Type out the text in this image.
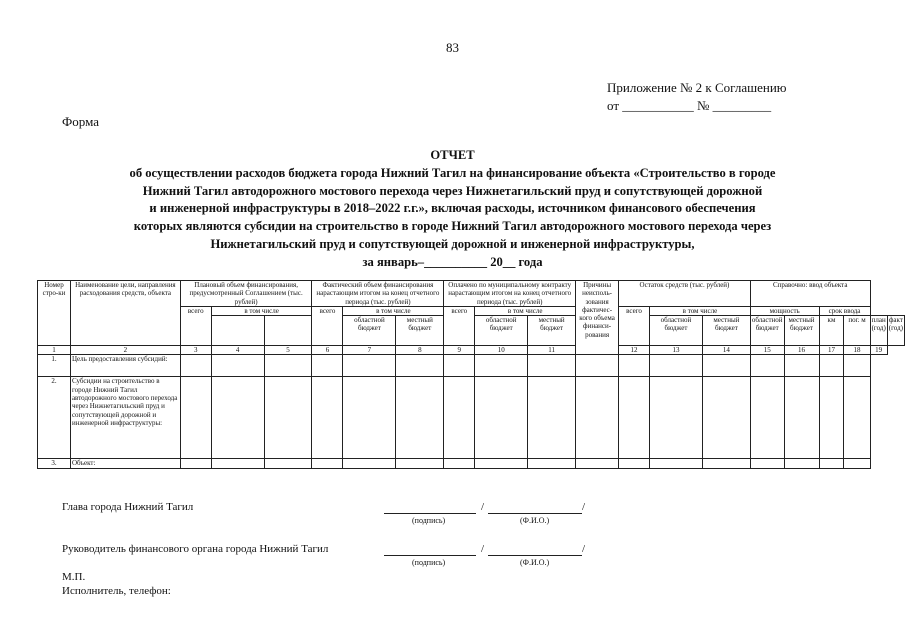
83
Приложение № 2 к Соглашению
от ___________ № _________
Форма
ОТЧЕТ
об осуществлении расходов бюджета города Нижний Тагил на финансирование объекта «Строительство в городе
Нижний Тагил автодорожного мостового перехода через Нижнетагильский пруд и сопутствующей дорожной
и инженерной инфраструктуры в 2018–2022 г.г.», включая расходы, источником финансового обеспечения
которых являются субсидии на строительство в городе Нижний Тагил автодорожного мостового перехода через
Нижнетагильский пруд и сопутствующей дорожной и инженерной инфраструктуры,
за январь–__________ 20__ года
Номер стро-ки	Наименование цели, направления расходования средств, объекта	Плановый объем финансирования, предусмотренный Соглашением (тыс. рублей)			Фактический объем финансирования нарастающим итогом на конец отчетного периода (тыс. рублей)			Оплачено по муниципальному контракту нарастающим итогом на конец отчетного периода (тыс. рублей)			Причины неисполь-зования фактичес-кого объема финанси-рования	Остаток средств (тыс. рублей)			Справочно: ввод объекта					
		всего	в том числе		всего	в том числе		всего	в том числе			всего	в том числе		мощность		срок ввода			
						областной бюджет	местный бюджет		областной бюджет	местный бюджет			областной бюджет	местный бюджет	областной бюджет	местный бюджет	км	пог. м	план (год)	факт (год)
1	2	3	4	5	6	7	8	9	10	11		12	13	14	15	16	17	18	19	
1.	Цель предоставления субсидий:																			
2.	Субсидии на строительство в городе Нижний Тагил автодорожного мостового перехода через Нижнетагильский пруд и сопутствующей дорожной и инженерной инфраструктуры:																			
3.	Объект:																			
Глава города Нижний Тагил	/	/
(подпись)	(Ф.И.О.)
Руководитель финансового органа города Нижний Тагил	/	/
(подпись)	(Ф.И.О.)
М.П.
Исполнитель, телефон:
